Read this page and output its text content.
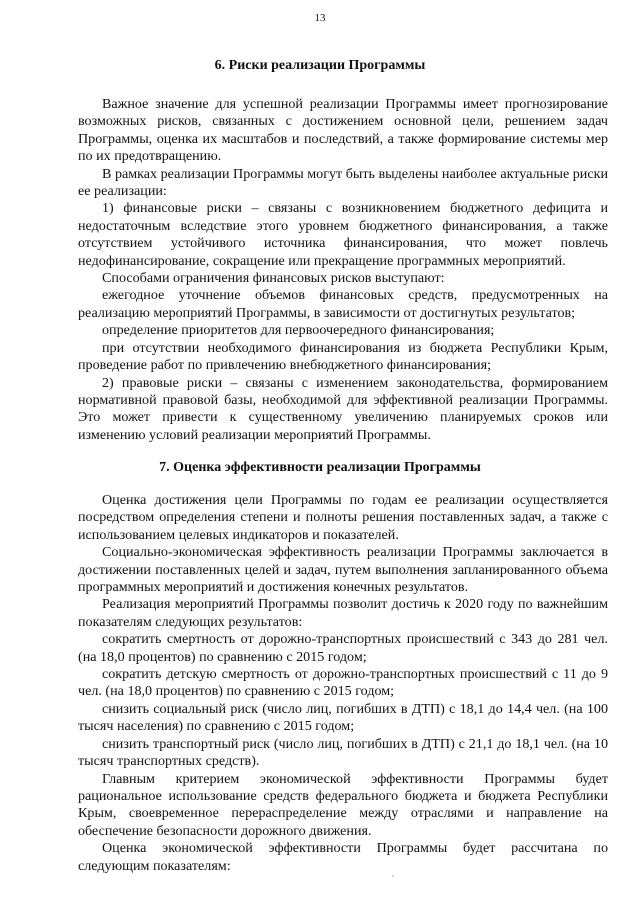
13
6. Риски реализации Программы

Важное значение для успешной реализации Программы имеет прогнозирование возможных рисков, связанных с достижением основной цели, решением задач Программы, оценка их масштабов и последствий, а также формирование системы мер по их предотвращению.

В рамках реализации Программы могут быть выделены наиболее актуальные риски ее реализации:

1) финансовые риски – связаны с возникновением бюджетного дефицита и недостаточным вследствие этого уровнем бюджетного финансирования, а также отсутствием устойчивого источника финансирования, что может повлечь недофинансирование, сокращение или прекращение программных мероприятий.

Способами ограничения финансовых рисков выступают:

ежегодное уточнение объемов финансовых средств, предусмотренных на реализацию мероприятий Программы, в зависимости от достигнутых результатов;

определение приоритетов для первоочередного финансирования;

при отсутствии необходимого финансирования из бюджета Республики Крым, проведение работ по привлечению внебюджетного финансирования;

2) правовые риски – связаны с изменением законодательства, формированием нормативной правовой базы, необходимой для эффективной реализации Программы. Это может привести к существенному увеличению планируемых сроков или изменению условий реализации мероприятий Программы.

7. Оценка эффективности реализации Программы

Оценка достижения цели Программы по годам ее реализации осуществляется посредством определения степени и полноты решения поставленных задач, а также с использованием целевых индикаторов и показателей.

Социально-экономическая эффективность реализации Программы заключается в достижении поставленных целей и задач, путем выполнения запланированного объема программных мероприятий и достижения конечных результатов.

Реализация мероприятий Программы позволит достичь к 2020 году по важнейшим показателям следующих результатов:

сократить смертность от дорожно-транспортных происшествий с 343 до 281 чел. (на 18,0 процентов) по сравнению с 2015 годом;

сократить детскую смертность от дорожно-транспортных происшествий с 11 до 9 чел. (на 18,0 процентов) по сравнению с 2015 годом;

снизить социальный риск (число лиц, погибших в ДТП) с 18,1 до 14,4 чел. (на 100 тысяч населения) по сравнению с 2015 годом;

снизить транспортный риск (число лиц, погибших в ДТП) с 21,1 до 18,1 чел. (на 10 тысяч транспортных средств).

Главным критерием экономической эффективности Программы будет рациональное использование средств федерального бюджета и бюджета Республики Крым, своевременное перераспределение между отраслями и направление на обеспечение безопасности дорожного движения.

Оценка экономической эффективности Программы будет рассчитана по следующим показателям:
